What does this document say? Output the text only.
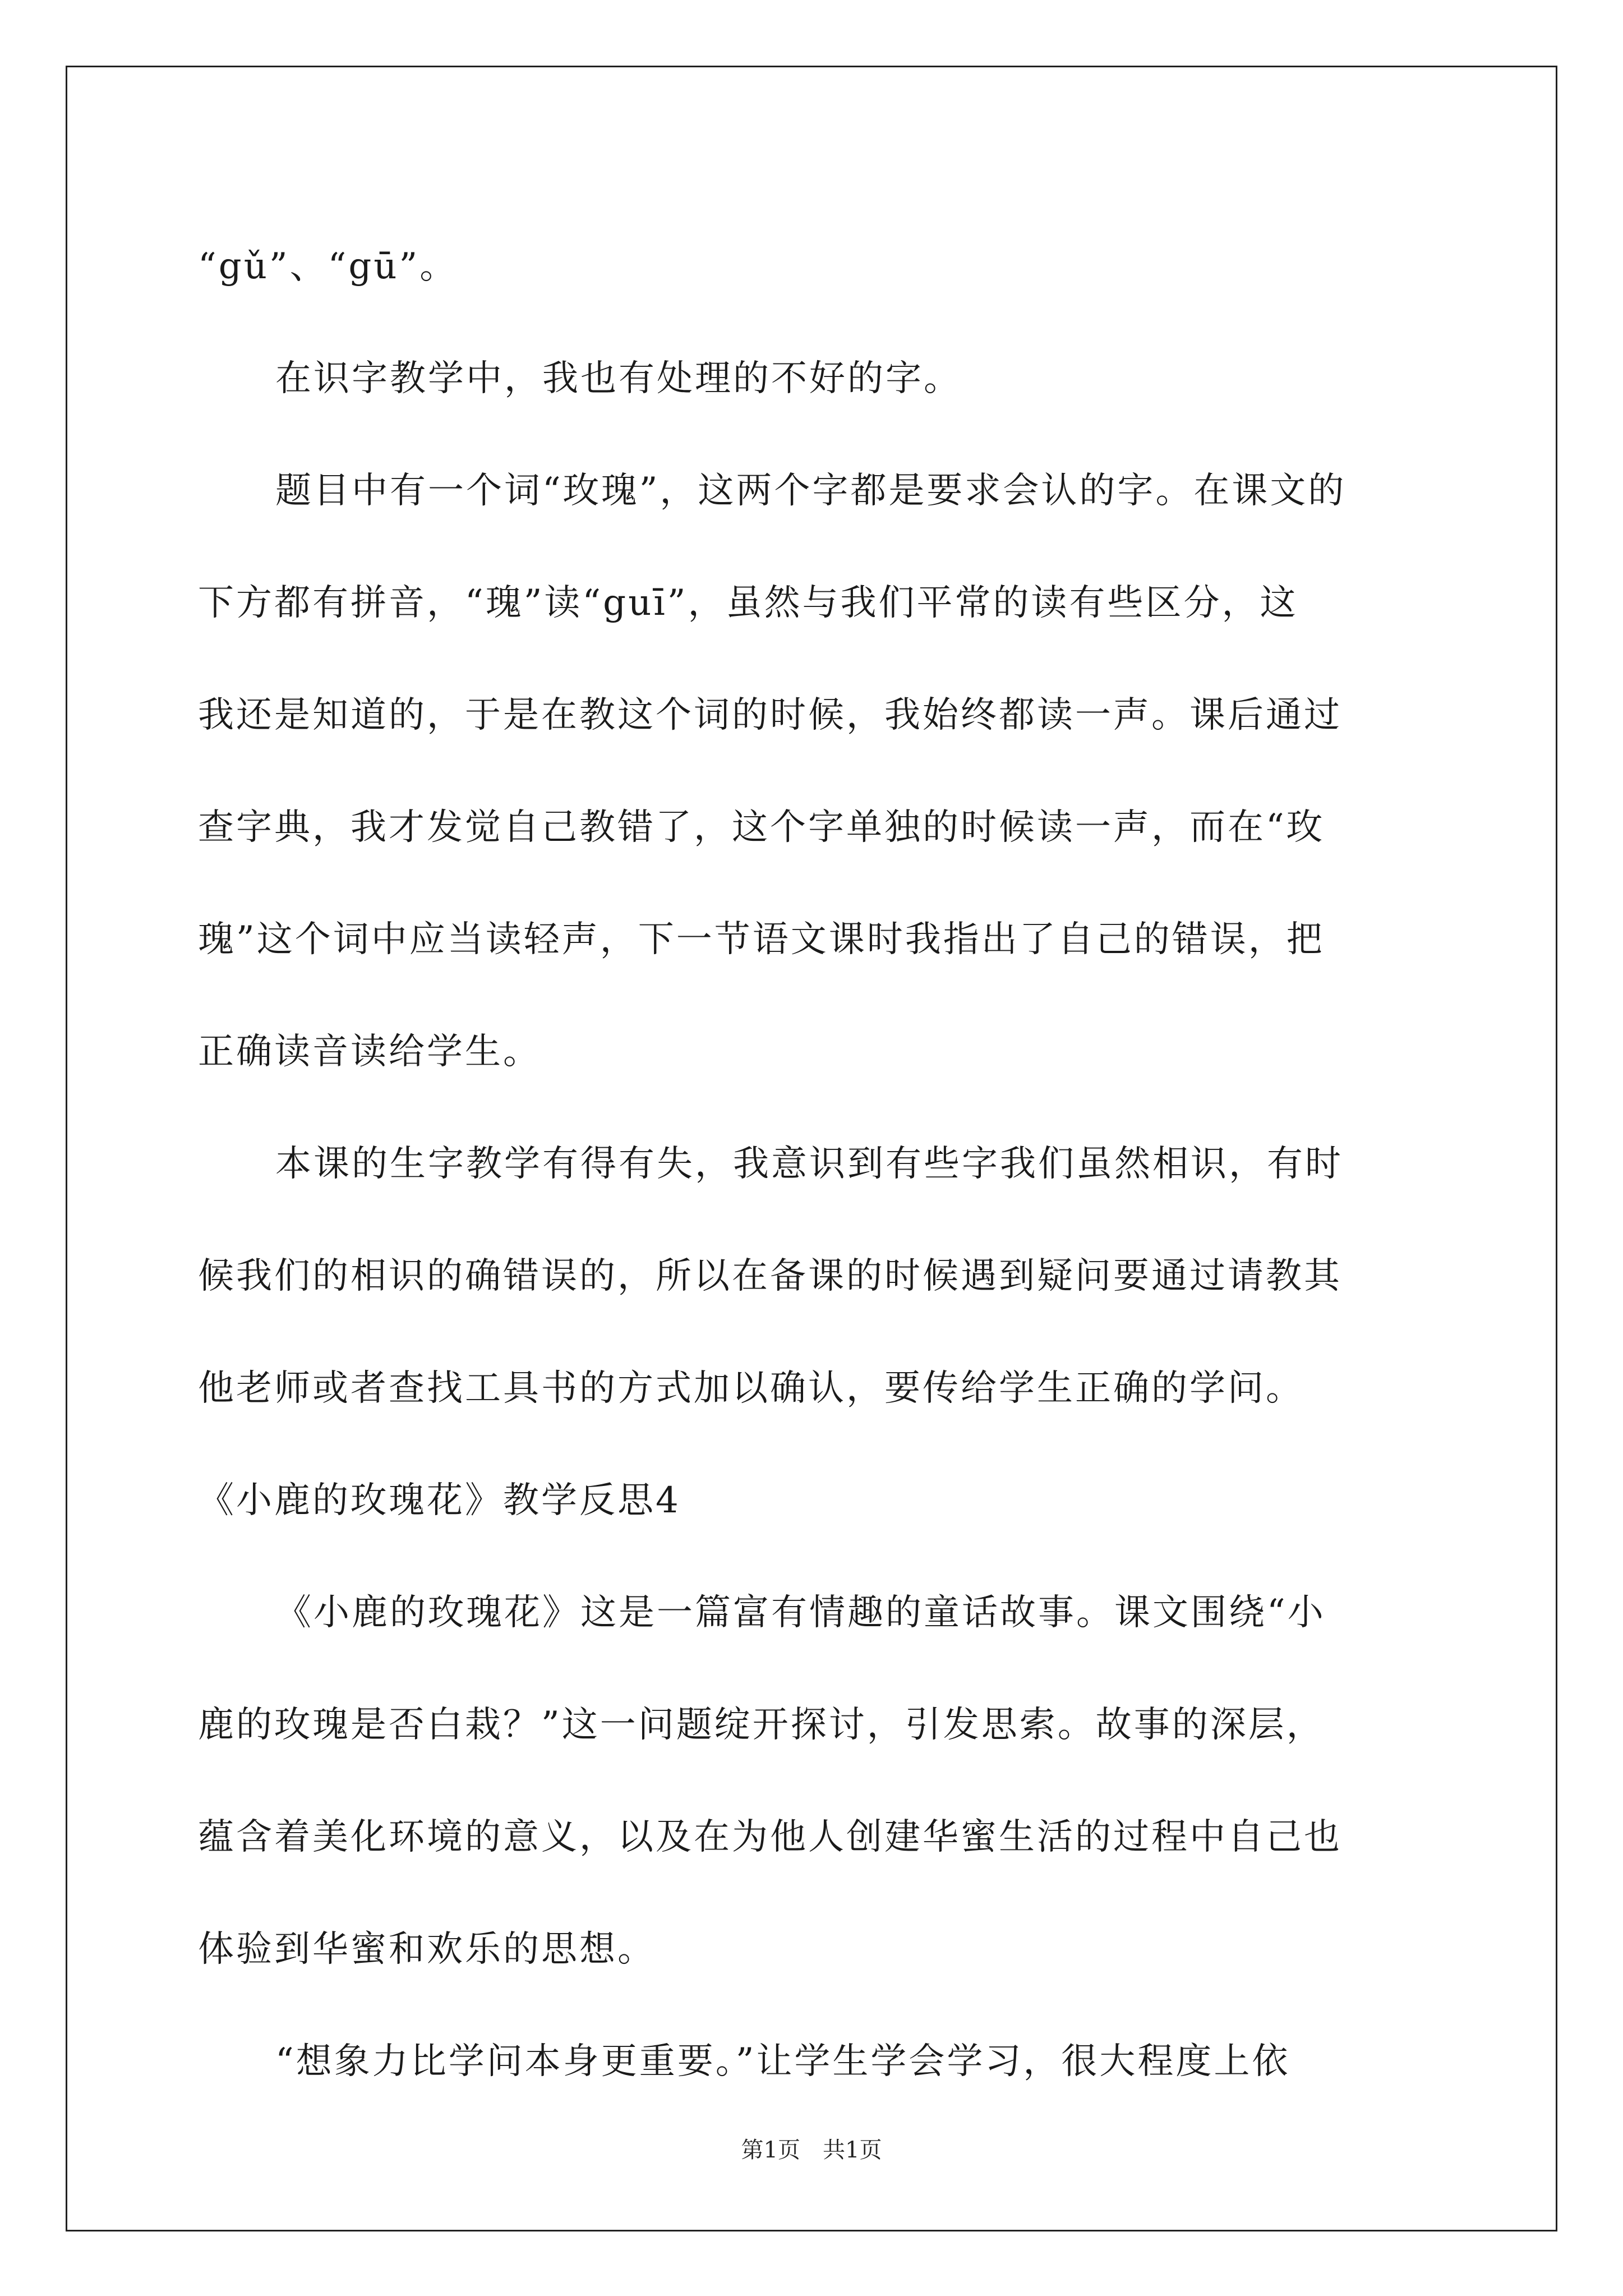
“gǔ”、“gū”。
在识字教学中，我也有处理的不好的字。
题目中有一个词“玫瑰”，这两个字都是要求会认的字。在课文的
下方都有拼音，“瑰”读“guī”，虽然与我们平常的读有些区分，这
我还是知道的，于是在教这个词的时候，我始终都读一声。课后通过
查字典，我才发觉自己教错了，这个字单独的时候读一声，而在“玫
瑰”这个词中应当读轻声，下一节语文课时我指出了自己的错误，把
正确读音读给学生。
本课的生字教学有得有失，我意识到有些字我们虽然相识，有时
候我们的相识的确错误的，所以在备课的时候遇到疑问要通过请教其
他老师或者查找工具书的方式加以确认，要传给学生正确的学问。
《小鹿的玫瑰花》教学反思4
《小鹿的玫瑰花》这是一篇富有情趣的童话故事。课文围绕“小
鹿的玫瑰是否白栽？”这一问题绽开探讨，引发思索。故事的深层，
蕴含着美化环境的意义，以及在为他人创建华蜜生活的过程中自己也
体验到华蜜和欢乐的思想。
“想象力比学问本身更重要。”让学生学会学习，很大程度上依
第1页　共1页
